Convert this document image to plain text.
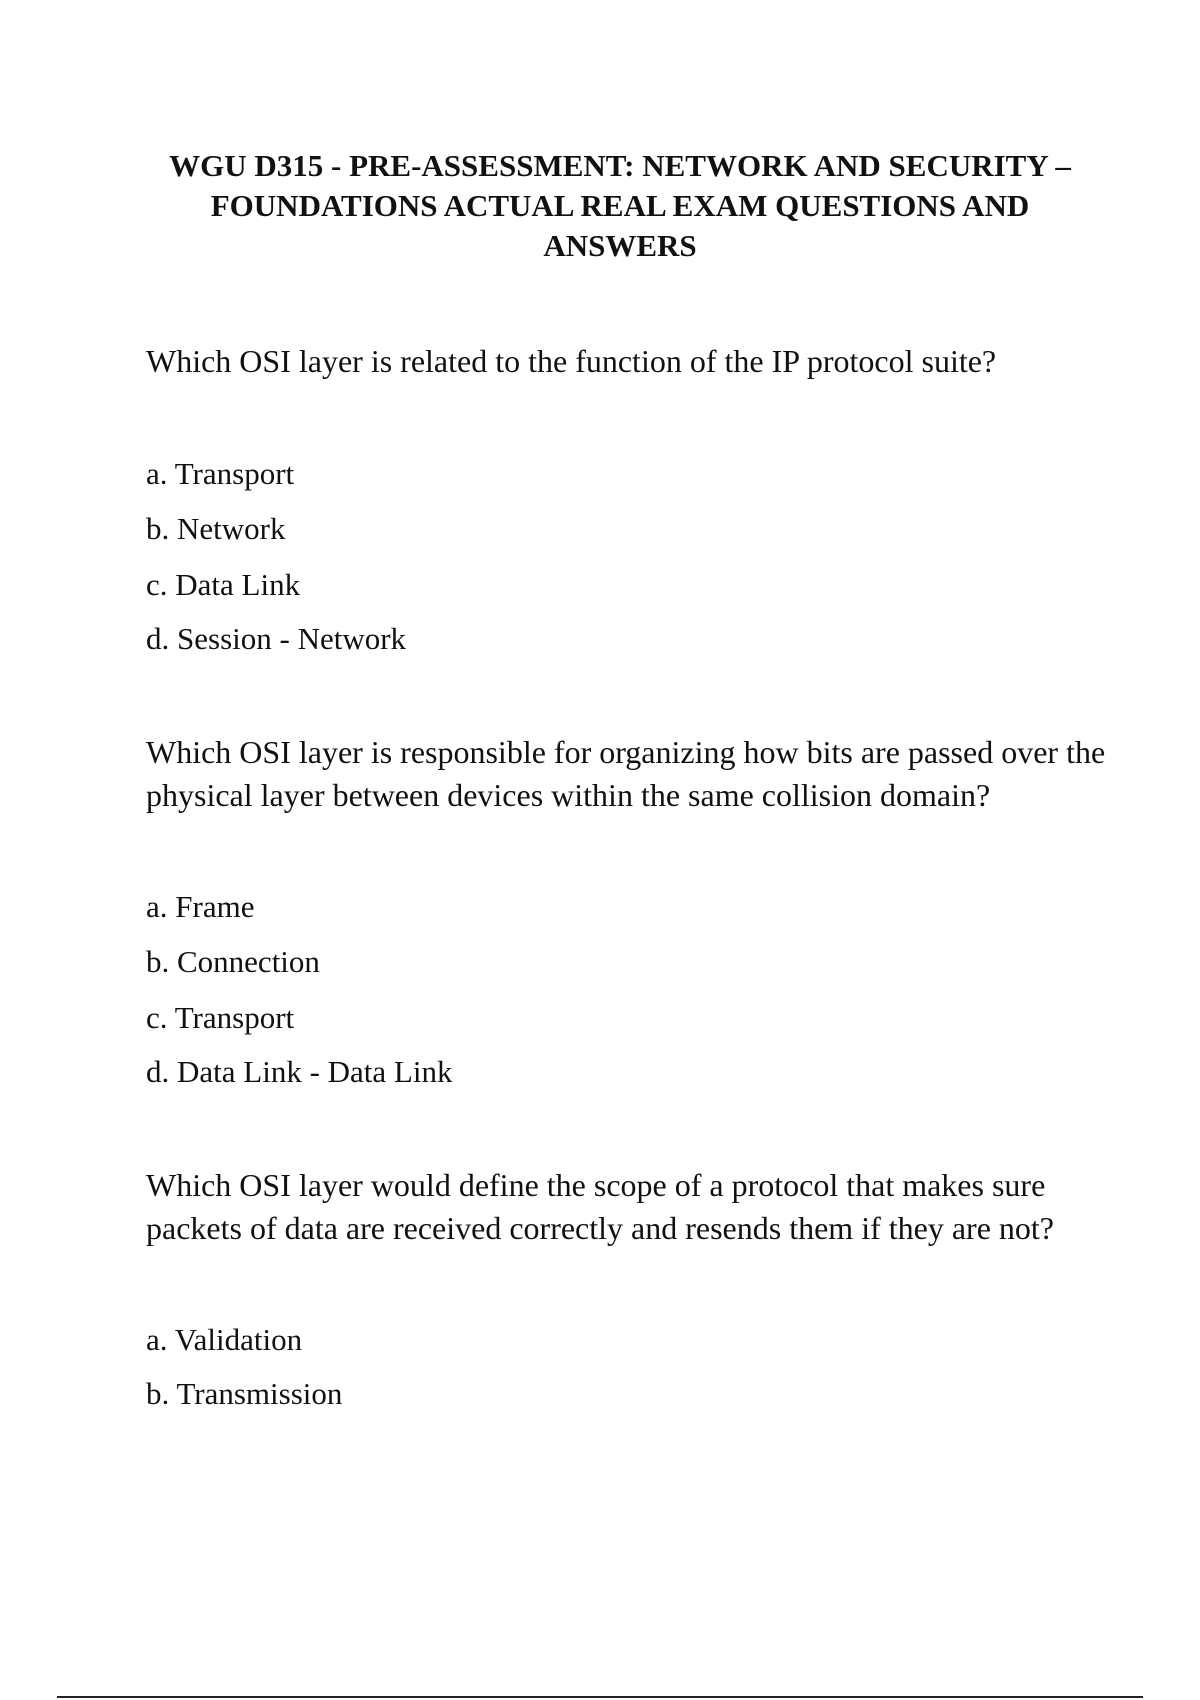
WGU D315 - PRE-ASSESSMENT: NETWORK AND SECURITY –
FOUNDATIONS ACTUAL REAL EXAM QUESTIONS AND
ANSWERS
Which OSI layer is related to the function of the IP protocol suite?
a. Transport
b. Network
c. Data Link
d. Session - Network
Which OSI layer is responsible for organizing how bits are passed over the physical layer between devices within the same collision domain?
a. Frame
b. Connection
c. Transport
d. Data Link - Data Link
Which OSI layer would define the scope of a protocol that makes sure packets of data are received correctly and resends them if they are not?
a. Validation
b. Transmission
